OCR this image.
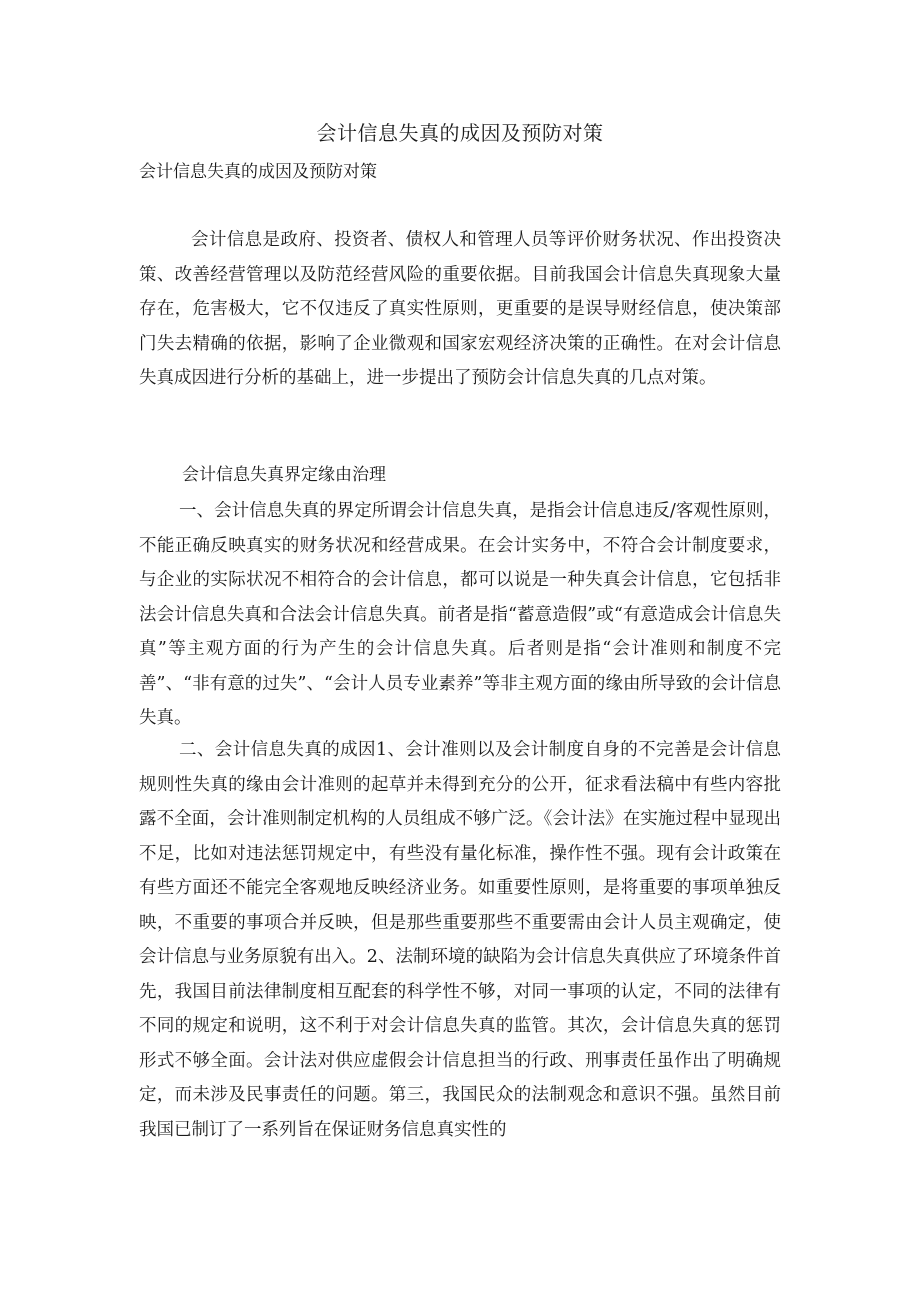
会计信息失真的成因及预防对策

会计信息失真的成因及预防对策

会计信息是政府、投资者、债权人和管理人员等评价财务状况、作出投资决策、改善经营管理以及防范经营风险的重要依据。目前我国会计信息失真现象大量存在，危害极大，它不仅违反了真实性原则，更重要的是误导财经信息，使决策部门失去精确的依据，影响了企业微观和国家宏观经济决策的正确性。在对会计信息失真成因进行分析的基础上，进一步提出了预防会计信息失真的几点对策。

会计信息失真界定缘由治理

一、会计信息失真的界定所谓会计信息失真，是指会计信息违反/客观性原则，不能正确反映真实的财务状况和经营成果。在会计实务中，不符合会计制度要求，与企业的实际状况不相符合的会计信息，都可以说是一种失真会计信息，它包括非法会计信息失真和合法会计信息失真。前者是指“蓄意造假”或“有意造成会计信息失真”等主观方面的行为产生的会计信息失真。后者则是指“会计准则和制度不完善”、“非有意的过失”、“会计人员专业素养”等非主观方面的缘由所导致的会计信息失真。

二、会计信息失真的成因1、会计准则以及会计制度自身的不完善是会计信息规则性失真的缘由会计准则的起草并未得到充分的公开，征求看法稿中有些内容批露不全面，会计准则制定机构的人员组成不够广泛。《会计法》在实施过程中显现出不足，比如对违法惩罚规定中，有些没有量化标准，操作性不强。现有会计政策在有些方面还不能完全客观地反映经济业务。如重要性原则，是将重要的事项单独反映，不重要的事项合并反映，但是那些重要那些不重要需由会计人员主观确定，使会计信息与业务原貌有出入。2、法制环境的缺陷为会计信息失真供应了环境条件首先，我国目前法律制度相互配套的科学性不够，对同一事项的认定，不同的法律有不同的规定和说明，这不利于对会计信息失真的监管。其次，会计信息失真的惩罚形式不够全面。会计法对供应虚假会计信息担当的行政、刑事责任虽作出了明确规定，而未涉及民事责任的问题。第三，我国民众的法制观念和意识不强。虽然目前我国已制订了一系列旨在保证财务信息真实性的
